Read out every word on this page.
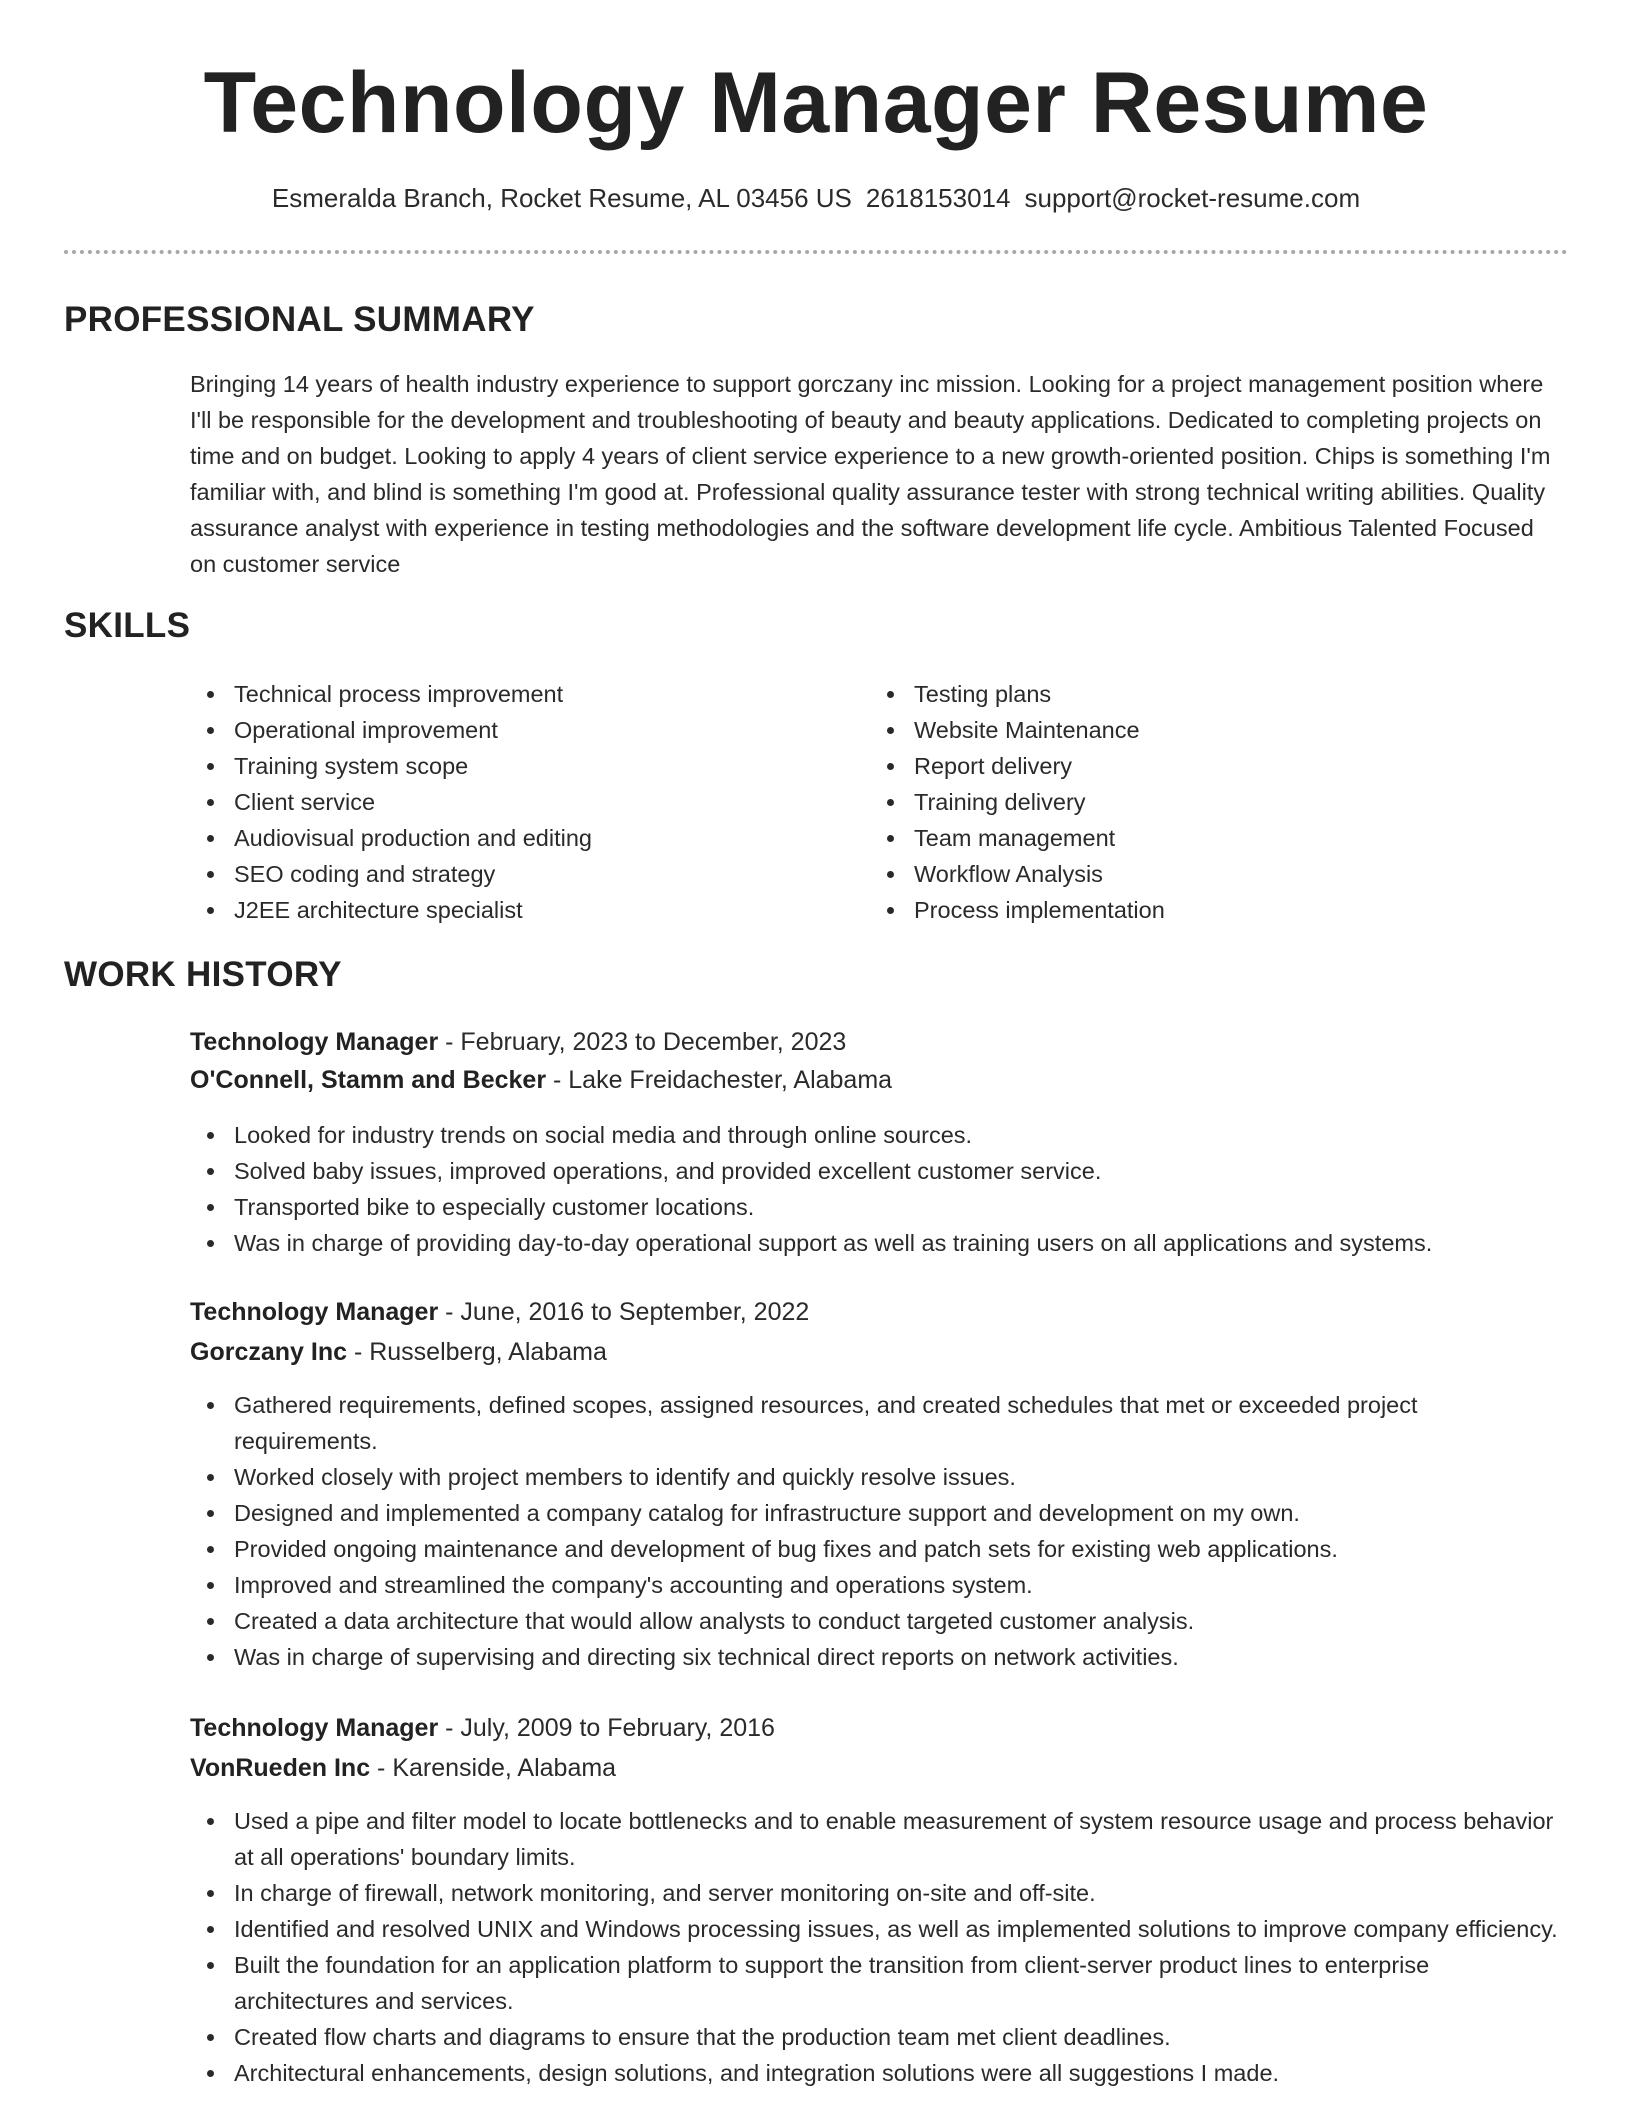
Technology Manager Resume
Esmeralda Branch, Rocket Resume, AL 03456 US 2618153014 support@rocket-resume.com
PROFESSIONAL SUMMARY

Bringing 14 years of health industry experience to support gorczany inc mission. Looking for a project management position where I'll be responsible for the development and troubleshooting of beauty and beauty applications. Dedicated to completing projects on time and on budget. Looking to apply 4 years of client service experience to a new growth-oriented position. Chips is something I'm familiar with, and blind is something I'm good at. Professional quality assurance tester with strong technical writing abilities. Quality assurance analyst with experience in testing methodologies and the software development life cycle. Ambitious Talented Focused on customer service

SKILLS
Technical process improvement
Operational improvement
Training system scope
Client service
Audiovisual production and editing
SEO coding and strategy
J2EE architecture specialist
Testing plans
Website Maintenance
Report delivery
Training delivery
Team management
Workflow Analysis
Process implementation
WORK HISTORY

Technology Manager - February, 2023 to December, 2023

O'Connell, Stamm and Becker - Lake Freidachester, Alabama

Looked for industry trends on social media and through online sources.
Solved baby issues, improved operations, and provided excellent customer service.
Transported bike to especially customer locations.
Was in charge of providing day-to-day operational support as well as training users on all applications and systems.

Technology Manager - June, 2016 to September, 2022

Gorczany Inc - Russelberg, Alabama

Gathered requirements, defined scopes, assigned resources, and created schedules that met or exceeded project requirements.
Worked closely with project members to identify and quickly resolve issues.
Designed and implemented a company catalog for infrastructure support and development on my own.
Provided ongoing maintenance and development of bug fixes and patch sets for existing web applications.
Improved and streamlined the company's accounting and operations system.
Created a data architecture that would allow analysts to conduct targeted customer analysis.
Was in charge of supervising and directing six technical direct reports on network activities.

Technology Manager - July, 2009 to February, 2016

VonRueden Inc - Karenside, Alabama

Used a pipe and filter model to locate bottlenecks and to enable measurement of system resource usage and process behavior at all operations' boundary limits.
In charge of firewall, network monitoring, and server monitoring on-site and off-site.
Identified and resolved UNIX and Windows processing issues, as well as implemented solutions to improve company efficiency.
Built the foundation for an application platform to support the transition from client-server product lines to enterprise architectures and services.
Created flow charts and diagrams to ensure that the production team met client deadlines.
Architectural enhancements, design solutions, and integration solutions were all suggestions I made.
